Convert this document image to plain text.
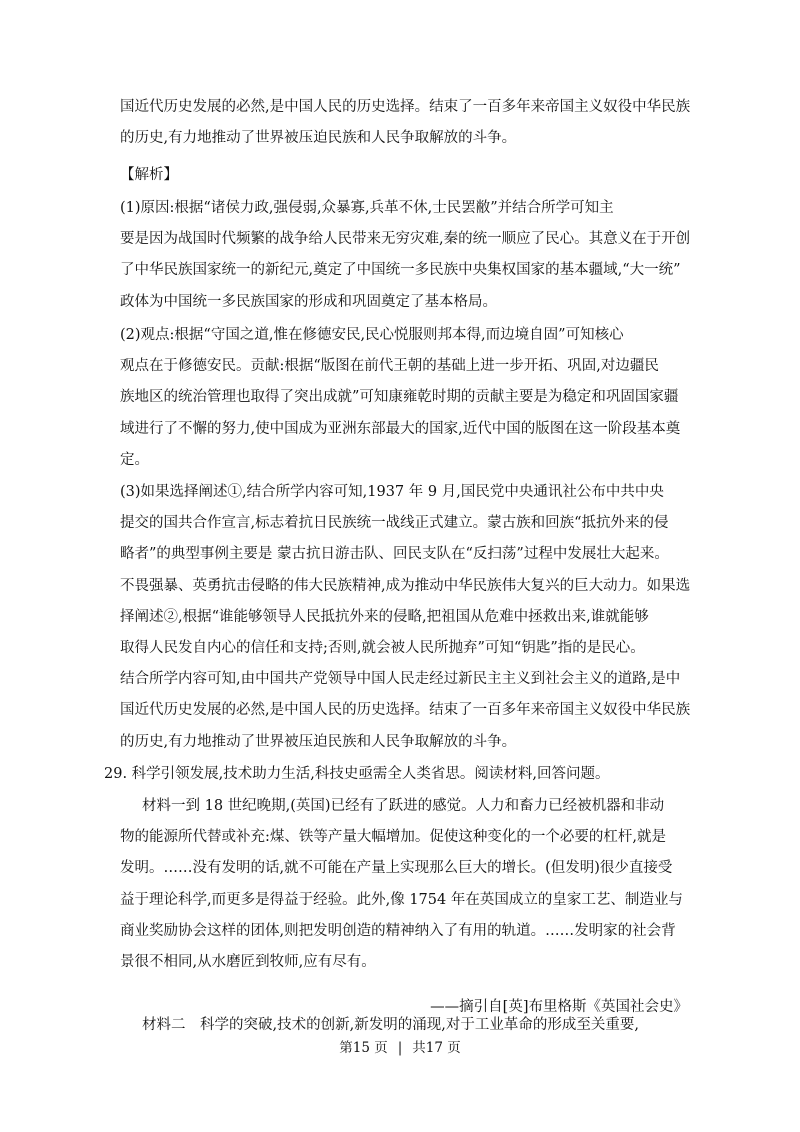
国近代历史发展的必然,是中国人民的历史选择。结束了一百多年来帝国主义奴役中华民族
的历史,有力地推动了世界被压迫民族和人民争取解放的斗争。
【解析】
(1)原因:根据“诸侯力政,强侵弱,众暴寡,兵革不休,士民罢敝”并结合所学可知主
要是因为战国时代频繁的战争给人民带来无穷灾难,秦的统一顺应了民心。其意义在于开创
了中华民族国家统一的新纪元,奠定了中国统一多民族中央集权国家的基本疆域,“大一统”
政体为中国统一多民族国家的形成和巩固奠定了基本格局。
(2)观点:根据“守国之道,惟在修德安民,民心悦服则邦本得,而边境自固”可知核心
观点在于修德安民。贡献:根据“版图在前代王朝的基础上进一步开拓、巩固,对边疆民
族地区的统治管理也取得了突出成就”可知康雍乾时期的贡献主要是为稳定和巩固国家疆
域进行了不懈的努力,使中国成为亚洲东部最大的国家,近代中国的版图在这一阶段基本奠
定。
(3)如果选择阐述①,结合所学内容可知,1937 年 9 月,国民党中央通讯社公布中共中央
提交的国共合作宣言,标志着抗日民族统一战线正式建立。蒙古族和回族“抵抗外来的侵
略者”的典型事例主要是 蒙古抗日游击队、回民支队在“反扫荡”过程中发展壮大起来。
不畏强暴、英勇抗击侵略的伟大民族精神,成为推动中华民族伟大复兴的巨大动力。如果选
择阐述②,根据“谁能够领导人民抵抗外来的侵略,把祖国从危难中拯救出来,谁就能够
取得人民发自内心的信任和支持;否则,就会被人民所抛弃”可知“钥匙”指的是民心。
结合所学内容可知,由中国共产党领导中国人民走经过新民主主义到社会主义的道路,是中
国近代历史发展的必然,是中国人民的历史选择。结束了一百多年来帝国主义奴役中华民族
的历史,有力地推动了世界被压迫民族和人民争取解放的斗争。
29. 科学引领发展,技术助力生活,科技史亟需全人类省思。阅读材料,回答问题。
材料一到 18 世纪晚期,(英国)已经有了跃进的感觉。人力和畜力已经被机器和非动
物的能源所代替或补充:煤、铁等产量大幅增加。促使这种变化的一个必要的杠杆,就是
发明。……没有发明的话,就不可能在产量上实现那么巨大的增长。(但发明)很少直接受
益于理论科学,而更多是得益于经验。此外,像 1754 年在英国成立的皇家工艺、制造业与
商业奖励协会这样的团体,则把发明创造的精神纳入了有用的轨道。……发明家的社会背
景很不相同,从水磨匠到牧师,应有尽有。
——摘引自[英]布里格斯《英国社会史》
材料二　科学的突破,技术的创新,新发明的涌现,对于工业革命的形成至关重要,
第15 页 | 共17 页
